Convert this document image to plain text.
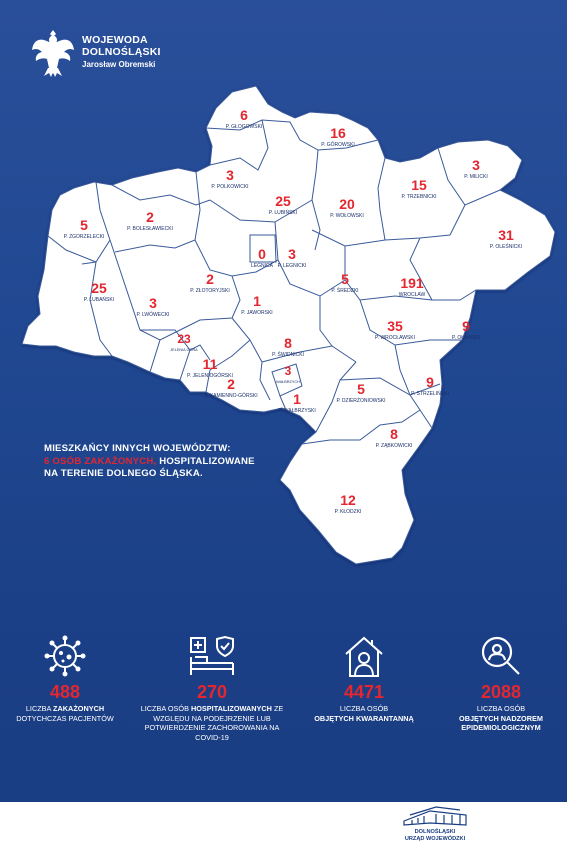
WOJEWODA
DOLNOŚLĄSKI
Jarosław Obremski
6
P. GŁOGOWSKI	16
P. GÓROWSKI
3
P. MILICKI
3
P. POLKOWICKI
25
P. LUBIŃSKI
20
P. WOŁOWSKI
15
P. TRZEBNICKI
31
P. OLEŚNICKI
5
P. ZGORZELECKI
2
P. BOLESŁAWIECKI
0
LEGNICA
3
P. LEGNICKI
25
P. LUBAŃSKI
2
P. ZŁOTORYJSKI
5
P. ŚREDZKI	191
WROCŁAW
3
P. LWÓWECKI
1
P. JAWORSKI
35
P. WROCŁAWSKI
9
P. OŁAWSKI
23
JELENIA GÓRA	8
P. ŚWIDNICKI
11
P. JELENIOGÓRSKI	3
WAŁBRZYCH
2
P. KAMIENNO-GÓRSKI	5
P. DZIERŻONIOWSKI
9
P. STRZELIŃSKI
1
P. WAŁBRZYSKI
8
P. ZĄBKOWICKI
12
P. KŁODZKI
MIESZKAŃCY INNYCH WOJEWÓDZTW:
6 OSÓB ZAKAŻONYCH, HOSPITALIZOWANE
NA TERENIE DOLNEGO ŚLĄSKA.
488
LICZBA ZAKAŻONYCH
DOTYCHCZAS PACJENTÓW
270
LICZBA OSÓB HOSPITALIZOWANYCH ZE WZGLĘDU NA PODEJRZENIE LUB POTWIERDZENIE ZACHOROWANIA NA COVID-19
4471
LICZBA OSÓB
OBJĘTYCH KWARANTANNĄ
2088
LICZBA OSÓB
OBJĘTYCH NADZOREM EPIDEMIOLOGICZNYM
DOLNOŚLĄSKI
URZĄD WOJEWÓDZKI
